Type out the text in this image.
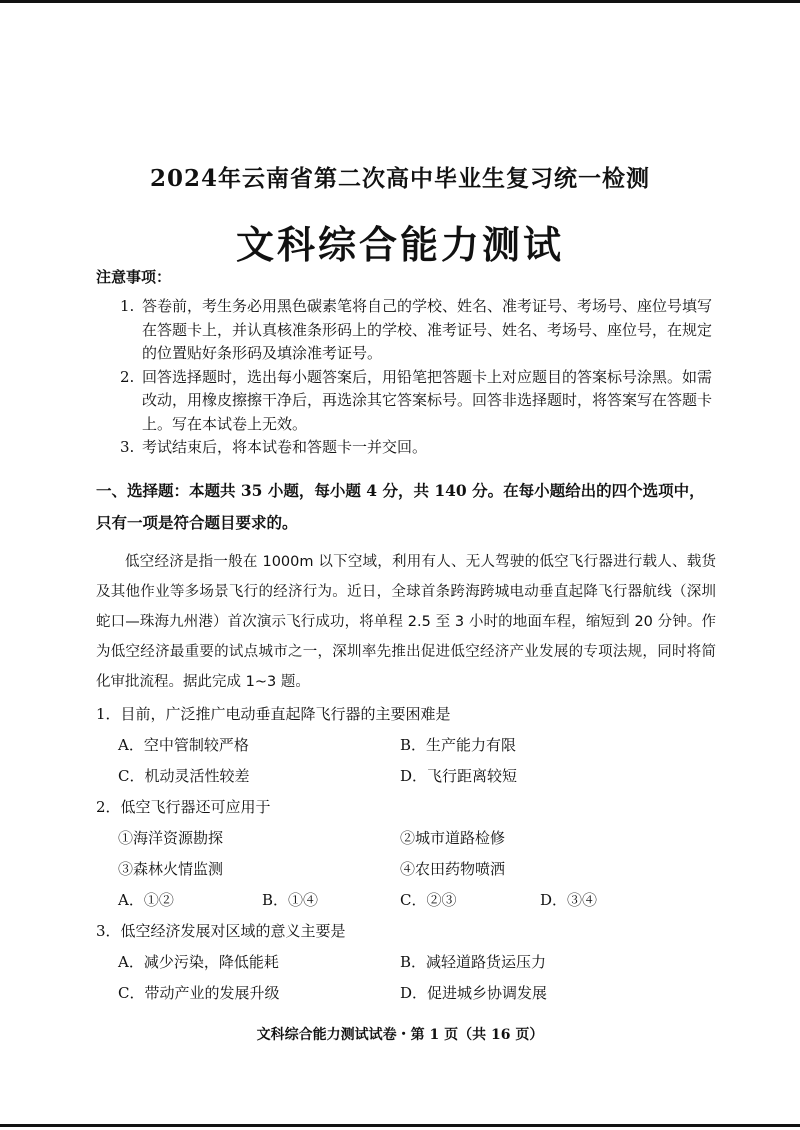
2024年云南省第二次高中毕业生复习统一检测
文科综合能力测试
注意事项：
1. 答卷前，考生务必用黑色碳素笔将自己的学校、姓名、准考证号、考场号、座位号填写在答题卡上，并认真核准条形码上的学校、准考证号、姓名、考场号、座位号，在规定的位置贴好条形码及填涂准考证号。
2. 回答选择题时，选出每小题答案后，用铅笔把答题卡上对应题目的答案标号涂黑。如需改动，用橡皮擦擦干净后，再选涂其它答案标号。回答非选择题时，将答案写在答题卡上。写在本试卷上无效。
3. 考试结束后，将本试卷和答题卡一并交回。
一、选择题：本题共 35 小题，每小题 4 分，共 140 分。在每小题给出的四个选项中，只有一项是符合题目要求的。
低空经济是指一般在 1000m 以下空域，利用有人、无人驾驶的低空飞行器进行载人、载货及其他作业等多场景飞行的经济行为。近日，全球首条跨海跨城电动垂直起降飞行器航线（深圳蛇口—珠海九州港）首次演示飞行成功，将单程 2.5 至 3 小时的地面车程，缩短到 20 分钟。作为低空经济最重要的试点城市之一，深圳率先推出促进低空经济产业发展的专项法规，同时将简化审批流程。据此完成 1~3 题。
1．目前，广泛推广电动垂直起降飞行器的主要困难是
A．空中管制较严格	B．生产能力有限
C．机动灵活性较差	D．飞行距离较短
2．低空飞行器还可应用于
①海洋资源勘探	②城市道路检修
③森林火情监测	④农田药物喷洒
A．①②	B．①④	C．②③	D．③④
3．低空经济发展对区域的意义主要是
A．减少污染，降低能耗	B．减轻道路货运压力
C．带动产业的发展升级	D．促进城乡协调发展
文科综合能力测试试卷・第 1 页（共 16 页）
